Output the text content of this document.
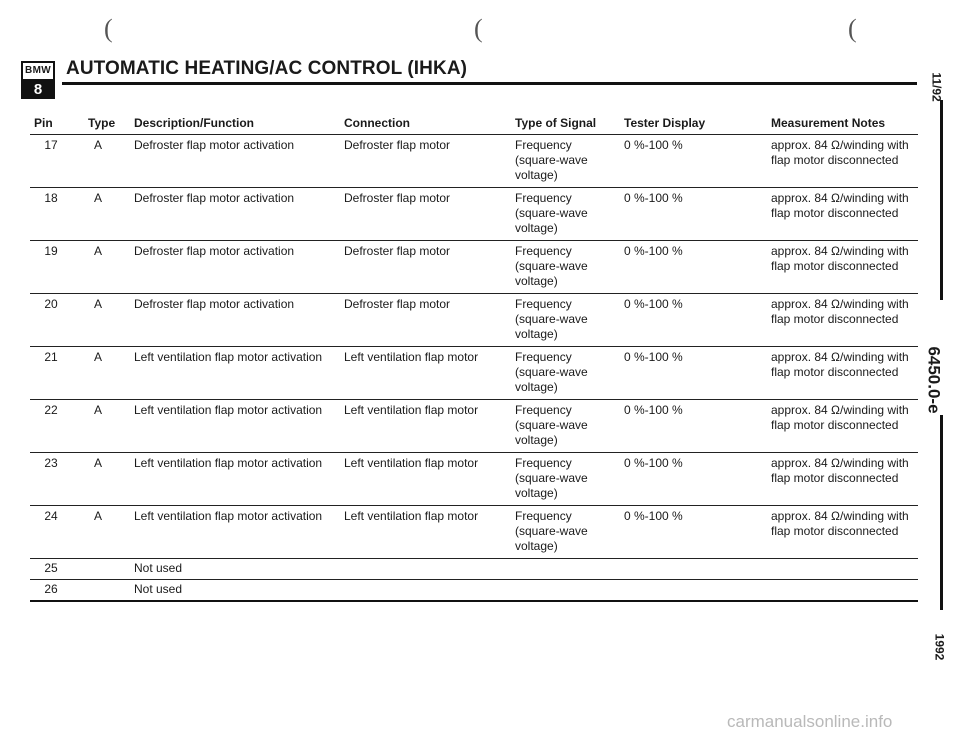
(	(	(
BMW
8
AUTOMATIC HEATING/AC CONTROL (IHKA)
11/92
6450.0-e
1992
Pin	Type	Description/Function	Connection	Type of Signal	Tester Display	Measurement Notes
17	A	Defroster flap motor activation	Defroster flap motor	Frequency
(square-wave
voltage)	0 %-100 %	approx. 84 Ω/winding with flap motor disconnected
18	A	Defroster flap motor activation	Defroster flap motor	Frequency
(square-wave
voltage)	0 %-100 %	approx. 84 Ω/winding with flap motor disconnected
19	A	Defroster flap motor activation	Defroster flap motor	Frequency
(square-wave
voltage)	0 %-100 %	approx. 84 Ω/winding with flap motor disconnected
20	A	Defroster flap motor activation	Defroster flap motor	Frequency
(square-wave
voltage)	0 %-100 %	approx. 84 Ω/winding with flap motor disconnected
21	A	Left ventilation flap motor activation	Left ventilation flap motor	Frequency
(square-wave
voltage)	0 %-100 %	approx. 84 Ω/winding with flap motor disconnected
22	A	Left ventilation flap motor activation	Left ventilation flap motor	Frequency
(square-wave
voltage)	0 %-100 %	approx. 84 Ω/winding with flap motor disconnected
23	A	Left ventilation flap motor activation	Left ventilation flap motor	Frequency
(square-wave
voltage)	0 %-100 %	approx. 84 Ω/winding with flap motor disconnected
24	A	Left ventilation flap motor activation	Left ventilation flap motor	Frequency
(square-wave
voltage)	0 %-100 %	approx. 84 Ω/winding with flap motor disconnected
25		Not used				
26		Not used				
carmanualsonline.info
